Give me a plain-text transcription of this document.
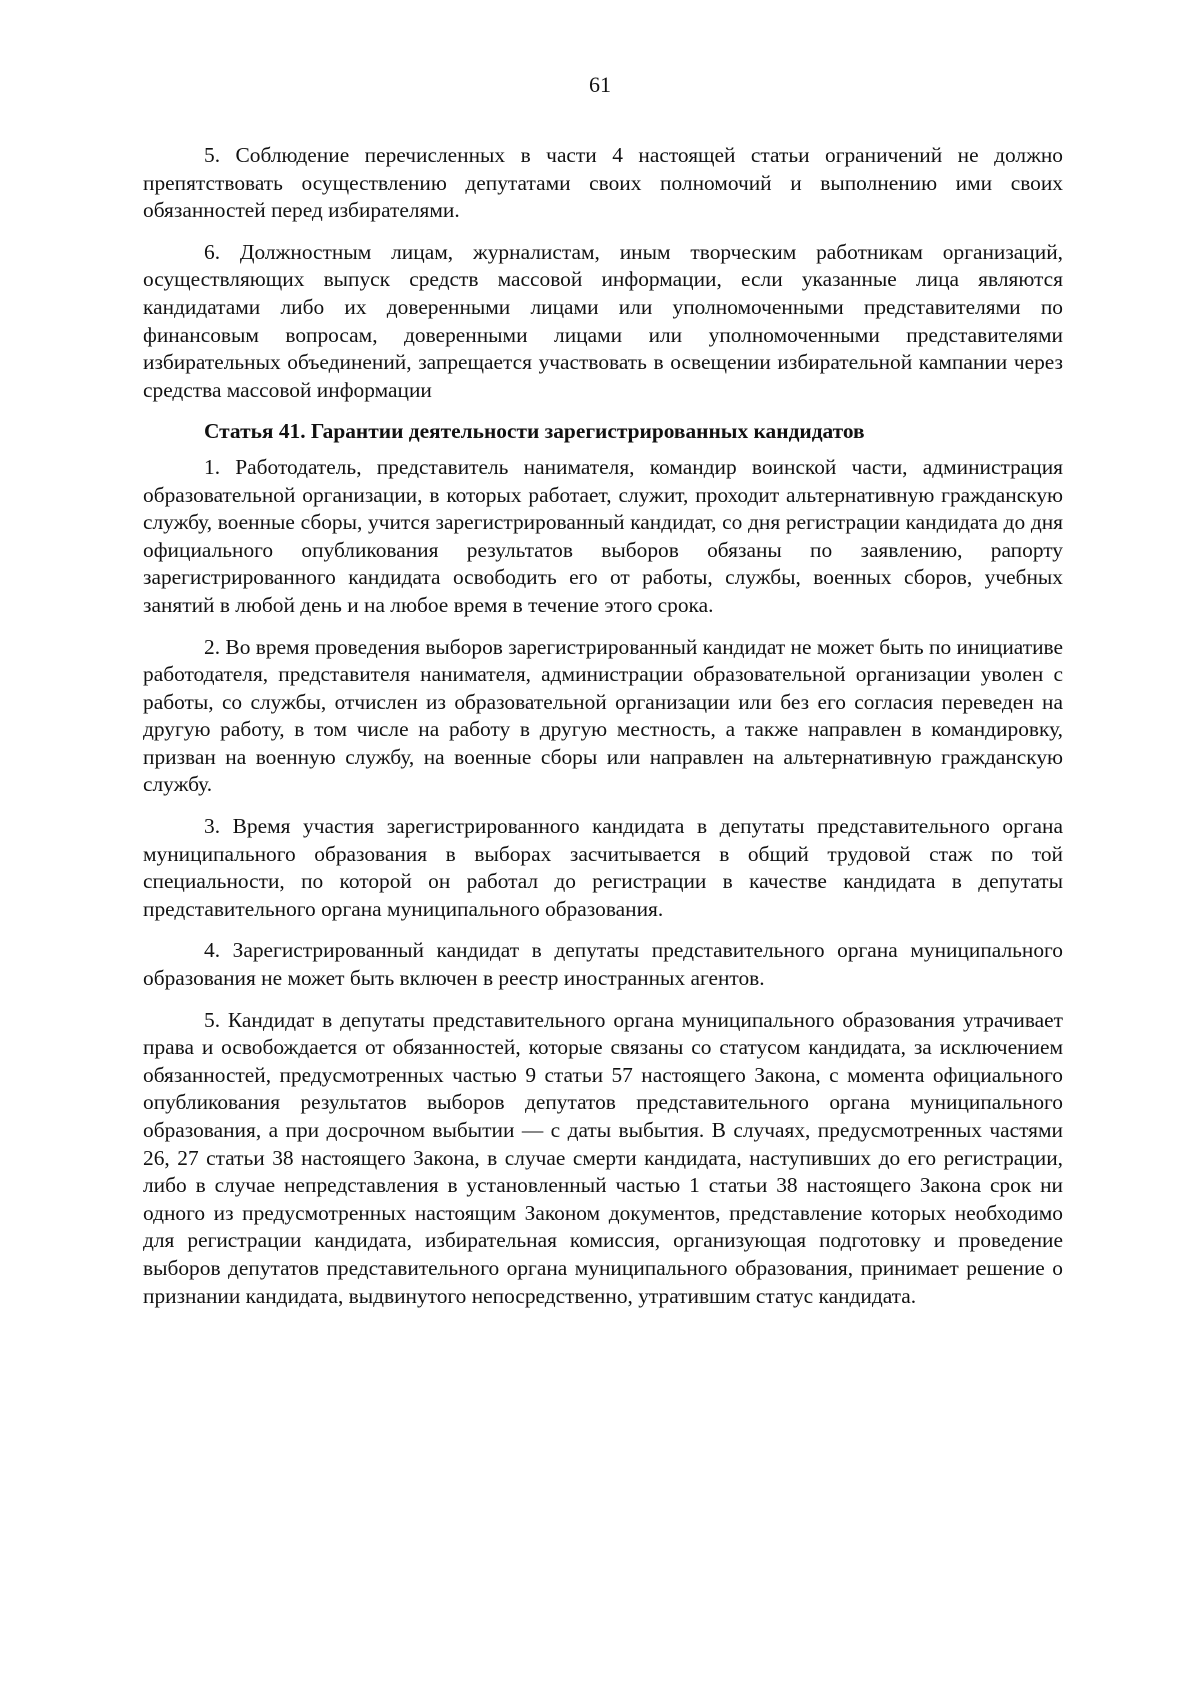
61

5. Соблюдение перечисленных в части 4 настоящей статьи ограничений не должно препятствовать осуществлению депутатами своих полномочий и выполнению ими своих обязанностей перед избирателями.

6. Должностным лицам, журналистам, иным творческим работникам организаций, осуществляющих выпуск средств массовой информации, если указанные лица являются кандидатами либо их доверенными лицами или уполномоченными представителями по финансовым вопросам, доверенными лицами или уполномоченными представителями избирательных объединений, запрещается участвовать в освещении избирательной кампании через средства массовой информации

Статья 41. Гарантии деятельности зарегистрированных кандидатов

1. Работодатель, представитель нанимателя, командир воинской части, администрация образовательной организации, в которых работает, служит, проходит альтернативную гражданскую службу, военные сборы, учится зарегистрированный кандидат, со дня регистрации кандидата до дня официального опубликования результатов выборов обязаны по заявлению, рапорту зарегистрированного кандидата освободить его от работы, службы, военных сборов, учебных занятий в любой день и на любое время в течение этого срока.

2. Во время проведения выборов зарегистрированный кандидат не может быть по инициативе работодателя, представителя нанимателя, администрации образовательной организации уволен с работы, со службы, отчислен из образовательной организации или без его согласия переведен на другую работу, в том числе на работу в другую местность, а также направлен в командировку, призван на военную службу, на военные сборы или направлен на альтернативную гражданскую службу.

3. Время участия зарегистрированного кандидата в депутаты представительного органа муниципального образования в выборах засчитывается в общий трудовой стаж по той специальности, по которой он работал до регистрации в качестве кандидата в депутаты представительного органа муниципального образования.

4. Зарегистрированный кандидат в депутаты представительного органа муниципального образования не может быть включен в реестр иностранных агентов.

5. Кандидат в депутаты представительного органа муниципального образования утрачивает права и освобождается от обязанностей, которые связаны со статусом кандидата, за исключением обязанностей, предусмотренных частью 9 статьи 57 настоящего Закона, с момента официального опубликования результатов выборов депутатов представительного органа муниципального образования, а при досрочном выбытии — с даты выбытия. В случаях, предусмотренных частями 26, 27 статьи 38 настоящего Закона, в случае смерти кандидата, наступивших до его регистрации, либо в случае непредставления в установленный частью 1 статьи 38 настоящего Закона срок ни одного из предусмотренных настоящим Законом документов, представление которых необходимо для регистрации кандидата, избирательная комиссия, организующая подготовку и проведение выборов депутатов представительного органа муниципального образования, принимает решение о признании кандидата, выдвинутого непосредственно, утратившим статус кандидата.
